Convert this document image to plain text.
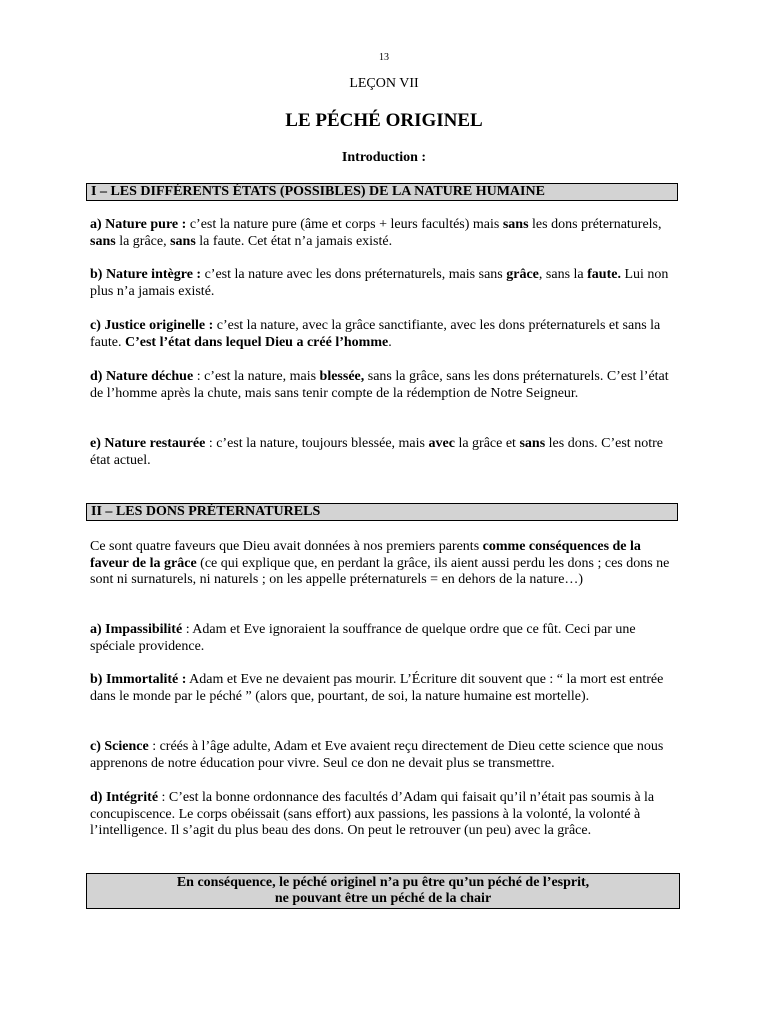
13
LEÇON VII
LE PÉCHÉ ORIGINEL
Introduction :
I – LES DIFFÉRENTS ÉTATS (POSSIBLES) DE LA NATURE HUMAINE

a) Nature pure : c’est la nature pure (âme et corps + leurs facultés) mais sans les dons préternaturels, sans la grâce, sans la faute. Cet état n’a jamais existé.

b) Nature intègre : c’est la nature avec les dons préternaturels, mais sans grâce, sans la faute. Lui non plus n’a jamais existé.

c) Justice originelle : c’est la nature, avec la grâce sanctifiante, avec les dons préternaturels et sans la faute. C’est l’état dans lequel Dieu a créé l’homme.

d) Nature déchue : c’est la nature, mais blessée, sans la grâce, sans les dons préternaturels. C’est l’état de l’homme après la chute, mais sans tenir compte de la rédemption de Notre Seigneur.

e) Nature restaurée : c’est la nature, toujours blessée, mais avec la grâce et sans les dons. C’est notre état actuel.

II – LES DONS PRÉTERNATURELS

Ce sont quatre faveurs que Dieu avait données à nos premiers parents comme conséquences de la faveur de la grâce (ce qui explique que, en perdant la grâce, ils aient aussi perdu les dons ; ces dons ne sont ni surnaturels, ni naturels ; on les appelle préternaturels = en dehors de la nature…)

a) Impassibilité : Adam et Eve ignoraient la souffrance de quelque ordre que ce fût. Ceci par une spéciale providence.

b) Immortalité : Adam et Eve ne devaient pas mourir. L’Écriture dit souvent que : “ la mort est entrée dans le monde par le péché ” (alors que, pourtant, de soi, la nature humaine est mortelle).

c) Science : créés à l’âge adulte, Adam et Eve avaient reçu directement de Dieu cette science que nous apprenons de notre éducation pour vivre. Seul ce don ne devait plus se transmettre.

d) Intégrité : C’est la bonne ordonnance des facultés d’Adam qui faisait qu’il n’était pas soumis à la concupiscence. Le corps obéissait (sans effort) aux passions, les passions à la volonté, la volonté à l’intelligence. Il s’agit du plus beau des dons. On peut le retrouver (un peu) avec la grâce.

En conséquence, le péché originel n’a pu être qu’un péché de l’esprit,
ne pouvant être un péché de la chair
